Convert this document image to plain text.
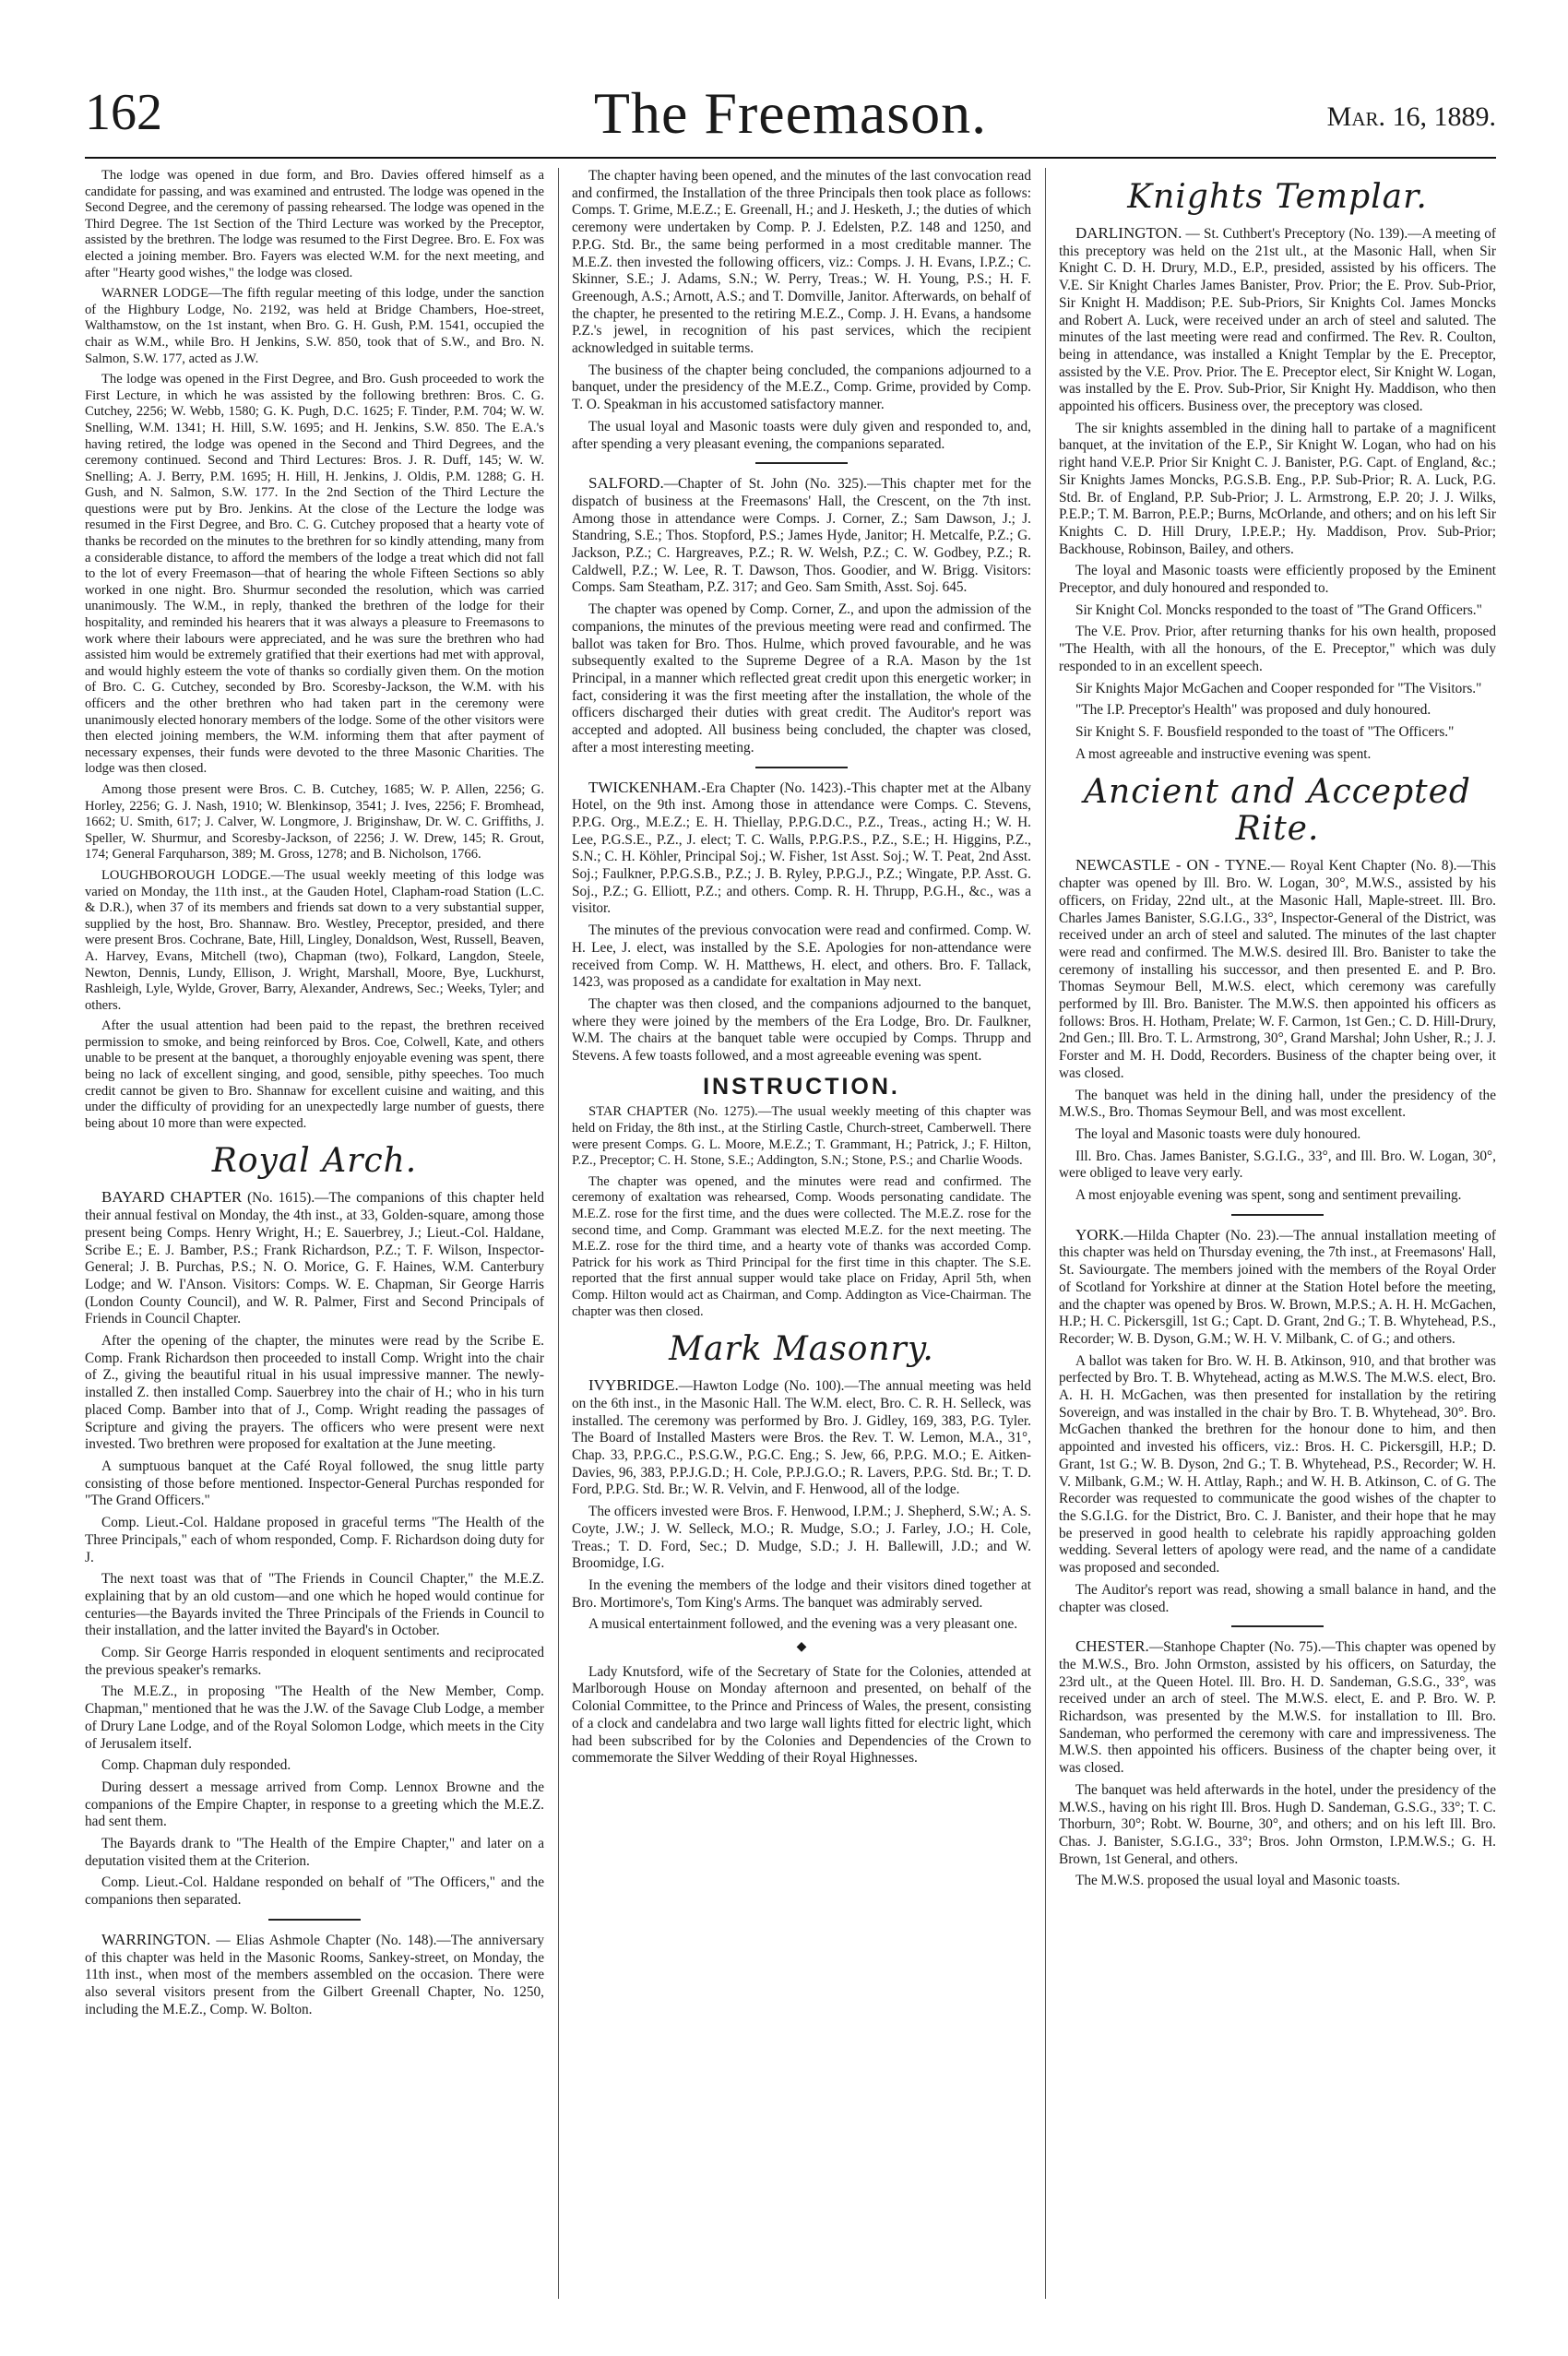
162	The Freemason.	Mar. 16, 1889.

The lodge was opened in due form, and Bro. Davies offered himself as a candidate for passing, and was examined and entrusted. The lodge was opened in the Second Degree, and the ceremony of passing rehearsed. The lodge was opened in the Third Degree. The 1st Section of the Third Lecture was worked by the Preceptor, assisted by the brethren. The lodge was resumed to the First Degree. Bro. E. Fox was elected a joining member. Bro. Fayers was elected W.M. for the next meeting, and after "Hearty good wishes," the lodge was closed.

WARNER LODGE—The fifth regular meeting of this lodge, under the sanction of the Highbury Lodge, No. 2192, was held at Bridge Chambers, Hoe-street, Walthamstow, on the 1st instant, when Bro. G. H. Gush, P.M. 1541, occupied the chair as W.M., while Bro. H Jenkins, S.W. 850, took that of S.W., and Bro. N. Salmon, S.W. 177, acted as J.W.

The lodge was opened in the First Degree, and Bro. Gush proceeded to work the First Lecture, in which he was assisted by the following brethren: Bros. C. G. Cutchey, 2256; W. Webb, 1580; G. K. Pugh, D.C. 1625; F. Tinder, P.M. 704; W. W. Snelling, W.M. 1341; H. Hill, S.W. 1695; and H. Jenkins, S.W. 850. The E.A.'s having retired, the lodge was opened in the Second and Third Degrees, and the ceremony continued. Second and Third Lectures: Bros. J. R. Duff, 145; W. W. Snelling; A. J. Berry, P.M. 1695; H. Hill, H. Jenkins, J. Oldis, P.M. 1288; G. H. Gush, and N. Salmon, S.W. 177. In the 2nd Section of the Third Lecture the questions were put by Bro. Jenkins. At the close of the Lecture the lodge was resumed in the First Degree, and Bro. C. G. Cutchey proposed that a hearty vote of thanks be recorded on the minutes to the brethren for so kindly attending, many from a considerable distance, to afford the members of the lodge a treat which did not fall to the lot of every Freemason—that of hearing the whole Fifteen Sections so ably worked in one night. Bro. Shurmur seconded the resolution, which was carried unanimously. The W.M., in reply, thanked the brethren of the lodge for their hospitality, and reminded his hearers that it was always a pleasure to Freemasons to work where their labours were appreciated, and he was sure the brethren who had assisted him would be extremely gratified that their exertions had met with approval, and would highly esteem the vote of thanks so cordially given them. On the motion of Bro. C. G. Cutchey, seconded by Bro. Scoresby-Jackson, the W.M. with his officers and the other brethren who had taken part in the ceremony were unanimously elected honorary members of the lodge. Some of the other visitors were then elected joining members, the W.M. informing them that after payment of necessary expenses, their funds were devoted to the three Masonic Charities. The lodge was then closed.

Among those present were Bros. C. B. Cutchey, 1685; W. P. Allen, 2256; G. Horley, 2256; G. J. Nash, 1910; W. Blenkinsop, 3541; J. Ives, 2256; F. Bromhead, 1662; U. Smith, 617; J. Calver, W. Longmore, J. Briginshaw, Dr. W. C. Griffiths, J. Speller, W. Shurmur, and Scoresby-Jackson, of 2256; J. W. Drew, 145; R. Grout, 174; General Farquharson, 389; M. Gross, 1278; and B. Nicholson, 1766.

LOUGHBOROUGH LODGE.—The usual weekly meeting of this lodge was varied on Monday, the 11th inst., at the Gauden Hotel, Clapham-road Station (L.C. & D.R.), when 37 of its members and friends sat down to a very substantial supper, supplied by the host, Bro. Shannaw. Bro. Westley, Preceptor, presided, and there were present Bros. Cochrane, Bate, Hill, Lingley, Donaldson, West, Russell, Beaven, A. Harvey, Evans, Mitchell (two), Chapman (two), Folkard, Langdon, Steele, Newton, Dennis, Lundy, Ellison, J. Wright, Marshall, Moore, Bye, Luckhurst, Rashleigh, Lyle, Wylde, Grover, Barry, Alexander, Andrews, Sec.; Weeks, Tyler; and others.

After the usual attention had been paid to the repast, the brethren received permission to smoke, and being reinforced by Bros. Coe, Colwell, Kate, and others unable to be present at the banquet, a thoroughly enjoyable evening was spent, there being no lack of excellent singing, and good, sensible, pithy speeches. Too much credit cannot be given to Bro. Shannaw for excellent cuisine and waiting, and this under the difficulty of providing for an unexpectedly large number of guests, there being about 10 more than were expected.

Royal Arch.

BAYARD CHAPTER (No. 1615).—The companions of this chapter held their annual festival on Monday, the 4th inst., at 33, Golden-square, among those present being Comps. Henry Wright, H.; E. Sauerbrey, J.; Lieut.-Col. Haldane, Scribe E.; E. J. Bamber, P.S.; Frank Richardson, P.Z.; T. F. Wilson, Inspector-General; J. B. Purchas, P.S.; N. O. Morice, G. F. Haines, W.M. Canterbury Lodge; and W. I'Anson. Visitors: Comps. W. E. Chapman, Sir George Harris (London County Council), and W. R. Palmer, First and Second Principals of Friends in Council Chapter.

After the opening of the chapter, the minutes were read by the Scribe E. Comp. Frank Richardson then proceeded to install Comp. Wright into the chair of Z., giving the beautiful ritual in his usual impressive manner. The newly-installed Z. then installed Comp. Sauerbrey into the chair of H.; who in his turn placed Comp. Bamber into that of J., Comp. Wright reading the passages of Scripture and giving the prayers. The officers who were present were next invested. Two brethren were proposed for exaltation at the June meeting.

A sumptuous banquet at the Café Royal followed, the snug little party consisting of those before mentioned. Inspector-General Purchas responded for "The Grand Officers."

Comp. Lieut.-Col. Haldane proposed in graceful terms "The Health of the Three Principals," each of whom responded, Comp. F. Richardson doing duty for J.

The next toast was that of "The Friends in Council Chapter," the M.E.Z. explaining that by an old custom—and one which he hoped would continue for centuries—the Bayards invited the Three Principals of the Friends in Council to their installation, and the latter invited the Bayard's in October.

Comp. Sir George Harris responded in eloquent sentiments and reciprocated the previous speaker's remarks.

The M.E.Z., in proposing "The Health of the New Member, Comp. Chapman," mentioned that he was the J.W. of the Savage Club Lodge, a member of Drury Lane Lodge, and of the Royal Solomon Lodge, which meets in the City of Jerusalem itself.

Comp. Chapman duly responded.

During dessert a message arrived from Comp. Lennox Browne and the companions of the Empire Chapter, in response to a greeting which the M.E.Z. had sent them.

The Bayards drank to "The Health of the Empire Chapter," and later on a deputation visited them at the Criterion.

Comp. Lieut.-Col. Haldane responded on behalf of "The Officers," and the companions then separated.

WARRINGTON. — Elias Ashmole Chapter (No. 148).—The anniversary of this chapter was held in the Masonic Rooms, Sankey-street, on Monday, the 11th inst., when most of the members assembled on the occasion. There were also several visitors present from the Gilbert Greenall Chapter, No. 1250, including the M.E.Z., Comp. W. Bolton.

The chapter having been opened, and the minutes of the last convocation read and confirmed, the Installation of the three Principals then took place as follows: Comps. T. Grime, M.E.Z.; E. Greenall, H.; and J. Hesketh, J.; the duties of which ceremony were undertaken by Comp. P. J. Edelsten, P.Z. 148 and 1250, and P.P.G. Std. Br., the same being performed in a most creditable manner. The M.E.Z. then invested the following officers, viz.: Comps. J. H. Evans, I.P.Z.; C. Skinner, S.E.; J. Adams, S.N.; W. Perry, Treas.; W. H. Young, P.S.; H. F. Greenough, A.S.; Arnott, A.S.; and T. Domville, Janitor. Afterwards, on behalf of the chapter, he presented to the retiring M.E.Z., Comp. J. H. Evans, a handsome P.Z.'s jewel, in recognition of his past services, which the recipient acknowledged in suitable terms.

The business of the chapter being concluded, the companions adjourned to a banquet, under the presidency of the M.E.Z., Comp. Grime, provided by Comp. T. O. Speakman in his accustomed satisfactory manner.

The usual loyal and Masonic toasts were duly given and responded to, and, after spending a very pleasant evening, the companions separated.

SALFORD.—Chapter of St. John (No. 325).—This chapter met for the dispatch of business at the Freemasons' Hall, the Crescent, on the 7th inst. Among those in attendance were Comps. J. Corner, Z.; Sam Dawson, J.; J. Standring, S.E.; Thos. Stopford, P.S.; James Hyde, Janitor; H. Metcalfe, P.Z.; G. Jackson, P.Z.; C. Hargreaves, P.Z.; R. W. Welsh, P.Z.; C. W. Godbey, P.Z.; R. Caldwell, P.Z.; W. Lee, R. T. Dawson, Thos. Goodier, and W. Brigg. Visitors: Comps. Sam Steatham, P.Z. 317; and Geo. Sam Smith, Asst. Soj. 645.

The chapter was opened by Comp. Corner, Z., and upon the admission of the companions, the minutes of the previous meeting were read and confirmed. The ballot was taken for Bro. Thos. Hulme, which proved favourable, and he was subsequently exalted to the Supreme Degree of a R.A. Mason by the 1st Principal, in a manner which reflected great credit upon this energetic worker; in fact, considering it was the first meeting after the installation, the whole of the officers discharged their duties with great credit. The Auditor's report was accepted and adopted. All business being concluded, the chapter was closed, after a most interesting meeting.

TWICKENHAM.-Era Chapter (No. 1423).-This chapter met at the Albany Hotel, on the 9th inst. Among those in attendance were Comps. C. Stevens, P.P.G. Org., M.E.Z.; E. H. Thiellay, P.P.G.D.C., P.Z., Treas., acting H.; W. H. Lee, P.G.S.E., P.Z., J. elect; T. C. Walls, P.P.G.P.S., P.Z., S.E.; H. Higgins, P.Z., S.N.; C. H. Köhler, Principal Soj.; W. Fisher, 1st Asst. Soj.; W. T. Peat, 2nd Asst. Soj.; Faulkner, P.P.G.S.B., P.Z.; J. B. Ryley, P.P.G.J., P.Z.; Wingate, P.P. Asst. G. Soj., P.Z.; G. Elliott, P.Z.; and others. Comp. R. H. Thrupp, P.G.H., &c., was a visitor.

The minutes of the previous convocation were read and confirmed. Comp. W. H. Lee, J. elect, was installed by the S.E. Apologies for non-attendance were received from Comp. W. H. Matthews, H. elect, and others. Bro. F. Tallack, 1423, was proposed as a candidate for exaltation in May next.

The chapter was then closed, and the companions adjourned to the banquet, where they were joined by the members of the Era Lodge, Bro. Dr. Faulkner, W.M. The chairs at the banquet table were occupied by Comps. Thrupp and Stevens. A few toasts followed, and a most agreeable evening was spent.

INSTRUCTION.

STAR CHAPTER (No. 1275).—The usual weekly meeting of this chapter was held on Friday, the 8th inst., at the Stirling Castle, Church-street, Camberwell. There were present Comps. G. L. Moore, M.E.Z.; T. Grammant, H.; Patrick, J.; F. Hilton, P.Z., Preceptor; C. H. Stone, S.E.; Addington, S.N.; Stone, P.S.; and Charlie Woods.

The chapter was opened, and the minutes were read and confirmed. The ceremony of exaltation was rehearsed, Comp. Woods personating candidate. The M.E.Z. rose for the first time, and the dues were collected. The M.E.Z. rose for the second time, and Comp. Grammant was elected M.E.Z. for the next meeting. The M.E.Z. rose for the third time, and a hearty vote of thanks was accorded Comp. Patrick for his work as Third Principal for the first time in this chapter. The S.E. reported that the first annual supper would take place on Friday, April 5th, when Comp. Hilton would act as Chairman, and Comp. Addington as Vice-Chairman. The chapter was then closed.

Mark Masonry.

IVYBRIDGE.—Hawton Lodge (No. 100).—The annual meeting was held on the 6th inst., in the Masonic Hall. The W.M. elect, Bro. C. R. H. Selleck, was installed. The ceremony was performed by Bro. J. Gidley, 169, 383, P.G. Tyler. The Board of Installed Masters were Bros. the Rev. T. W. Lemon, M.A., 31°, Chap. 33, P.P.G.C., P.S.G.W., P.G.C. Eng.; S. Jew, 66, P.P.G. M.O.; E. Aitken-Davies, 96, 383, P.P.J.G.D.; H. Cole, P.P.J.G.O.; R. Lavers, P.P.G. Std. Br.; T. D. Ford, P.P.G. Std. Br.; W. R. Velvin, and F. Henwood, all of the lodge.

The officers invested were Bros. F. Henwood, I.P.M.; J. Shepherd, S.W.; A. S. Coyte, J.W.; J. W. Selleck, M.O.; R. Mudge, S.O.; J. Farley, J.O.; H. Cole, Treas.; T. D. Ford, Sec.; D. Mudge, S.D.; J. H. Ballewill, J.D.; and W. Broomidge, I.G.

In the evening the members of the lodge and their visitors dined together at Bro. Mortimore's, Tom King's Arms. The banquet was admirably served.

A musical entertainment followed, and the evening was a very pleasant one.

◆

Lady Knutsford, wife of the Secretary of State for the Colonies, attended at Marlborough House on Monday afternoon and presented, on behalf of the Colonial Committee, to the Prince and Princess of Wales, the present, consisting of a clock and candelabra and two large wall lights fitted for electric light, which had been subscribed for by the Colonies and Dependencies of the Crown to commemorate the Silver Wedding of their Royal Highnesses.

Knights Templar.

DARLINGTON. — St. Cuthbert's Preceptory (No. 139).—A meeting of this preceptory was held on the 21st ult., at the Masonic Hall, when Sir Knight C. D. H. Drury, M.D., E.P., presided, assisted by his officers. The V.E. Sir Knight Charles James Banister, Prov. Prior; the E. Prov. Sub-Prior, Sir Knight H. Maddison; P.E. Sub-Priors, Sir Knights Col. James Moncks and Robert A. Luck, were received under an arch of steel and saluted. The minutes of the last meeting were read and confirmed. The Rev. R. Coulton, being in attendance, was installed a Knight Templar by the E. Preceptor, assisted by the V.E. Prov. Prior. The E. Preceptor elect, Sir Knight W. Logan, was installed by the E. Prov. Sub-Prior, Sir Knight Hy. Maddison, who then appointed his officers. Business over, the preceptory was closed.

The sir knights assembled in the dining hall to partake of a magnificent banquet, at the invitation of the E.P., Sir Knight W. Logan, who had on his right hand V.E.P. Prior Sir Knight C. J. Banister, P.G. Capt. of England, &c.; Sir Knights James Moncks, P.G.S.B. Eng., P.P. Sub-Prior; R. A. Luck, P.G. Std. Br. of England, P.P. Sub-Prior; J. L. Armstrong, E.P. 20; J. J. Wilks, P.E.P.; T. M. Barron, P.E.P.; Burns, McOrlande, and others; and on his left Sir Knights C. D. Hill Drury, I.P.E.P.; Hy. Maddison, Prov. Sub-Prior; Backhouse, Robinson, Bailey, and others.

The loyal and Masonic toasts were efficiently proposed by the Eminent Preceptor, and duly honoured and responded to.

Sir Knight Col. Moncks responded to the toast of "The Grand Officers."

The V.E. Prov. Prior, after returning thanks for his own health, proposed "The Health, with all the honours, of the E. Preceptor," which was duly responded to in an excellent speech.

Sir Knights Major McGachen and Cooper responded for "The Visitors."

"The I.P. Preceptor's Health" was proposed and duly honoured.

Sir Knight S. F. Bousfield responded to the toast of "The Officers."

A most agreeable and instructive evening was spent.

Ancient and Accepted Rite.

NEWCASTLE - ON - TYNE.— Royal Kent Chapter (No. 8).—This chapter was opened by Ill. Bro. W. Logan, 30°, M.W.S., assisted by his officers, on Friday, 22nd ult., at the Masonic Hall, Maple-street. Ill. Bro. Charles James Banister, S.G.I.G., 33°, Inspector-General of the District, was received under an arch of steel and saluted. The minutes of the last chapter were read and confirmed. The M.W.S. desired Ill. Bro. Banister to take the ceremony of installing his successor, and then presented E. and P. Bro. Thomas Seymour Bell, M.W.S. elect, which ceremony was carefully performed by Ill. Bro. Banister. The M.W.S. then appointed his officers as follows: Bros. H. Hotham, Prelate; W. F. Carmon, 1st Gen.; C. D. Hill-Drury, 2nd Gen.; Ill. Bro. T. L. Armstrong, 30°, Grand Marshal; John Usher, R.; J. J. Forster and M. H. Dodd, Recorders. Business of the chapter being over, it was closed.

The banquet was held in the dining hall, under the presidency of the M.W.S., Bro. Thomas Seymour Bell, and was most excellent.

The loyal and Masonic toasts were duly honoured.

Ill. Bro. Chas. James Banister, S.G.I.G., 33°, and Ill. Bro. W. Logan, 30°, were obliged to leave very early.

A most enjoyable evening was spent, song and sentiment prevailing.

YORK.—Hilda Chapter (No. 23).—The annual installation meeting of this chapter was held on Thursday evening, the 7th inst., at Freemasons' Hall, St. Saviourgate. The members joined with the members of the Royal Order of Scotland for Yorkshire at dinner at the Station Hotel before the meeting, and the chapter was opened by Bros. W. Brown, M.P.S.; A. H. H. McGachen, H.P.; H. C. Pickersgill, 1st G.; Capt. D. Grant, 2nd G.; T. B. Whytehead, P.S., Recorder; W. B. Dyson, G.M.; W. H. V. Milbank, C. of G.; and others.

A ballot was taken for Bro. W. H. B. Atkinson, 910, and that brother was perfected by Bro. T. B. Whytehead, acting as M.W.S. The M.W.S. elect, Bro. A. H. H. McGachen, was then presented for installation by the retiring Sovereign, and was installed in the chair by Bro. T. B. Whytehead, 30°. Bro. McGachen thanked the brethren for the honour done to him, and then appointed and invested his officers, viz.: Bros. H. C. Pickersgill, H.P.; D. Grant, 1st G.; W. B. Dyson, 2nd G.; T. B. Whytehead, P.S., Recorder; W. H. V. Milbank, G.M.; W. H. Attlay, Raph.; and W. H. B. Atkinson, C. of G. The Recorder was requested to communicate the good wishes of the chapter to the S.G.I.G. for the District, Bro. C. J. Banister, and their hope that he may be preserved in good health to celebrate his rapidly approaching golden wedding. Several letters of apology were read, and the name of a candidate was proposed and seconded.

The Auditor's report was read, showing a small balance in hand, and the chapter was closed.

CHESTER.—Stanhope Chapter (No. 75).—This chapter was opened by the M.W.S., Bro. John Ormston, assisted by his officers, on Saturday, the 23rd ult., at the Queen Hotel. Ill. Bro. H. D. Sandeman, G.S.G., 33°, was received under an arch of steel. The M.W.S. elect, E. and P. Bro. W. P. Richardson, was presented by the M.W.S. for installation to Ill. Bro. Sandeman, who performed the ceremony with care and impressiveness. The M.W.S. then appointed his officers. Business of the chapter being over, it was closed.

The banquet was held afterwards in the hotel, under the presidency of the M.W.S., having on his right Ill. Bros. Hugh D. Sandeman, G.S.G., 33°; T. C. Thorburn, 30°; Robt. W. Bourne, 30°, and others; and on his left Ill. Bro. Chas. J. Banister, S.G.I.G., 33°; Bros. John Ormston, I.P.M.W.S.; G. H. Brown, 1st General, and others.

The M.W.S. proposed the usual loyal and Masonic toasts.
